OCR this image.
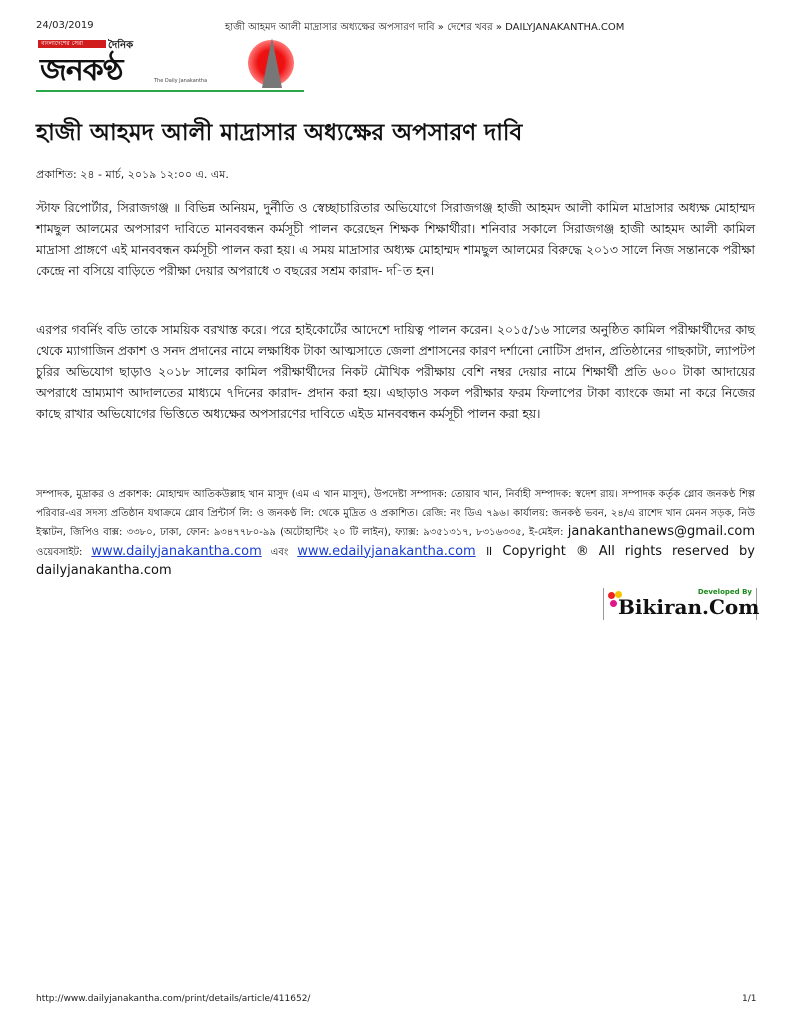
24/03/2019	হাজী আহমদ আলী মাদ্রাসার অধ্যক্ষের অপসারণ দাবি » দেশের খবর » DAILYJANAKANTHA.COM
বাংলাদেশের সেরা	দৈনিক
জনকণ্ঠ	The Daily Janakantha
হাজী আহমদ আলী মাদ্রাসার অধ্যক্ষের অপসারণ দাবি
প্রকাশিত: ২৪ - মার্চ, ২০১৯ ১২:০০ এ. এম.

স্টাফ রিপোর্টার, সিরাজগঞ্জ ॥ বিভিন্ন অনিয়ম, দুর্নীতি ও স্বেচ্ছাচারিতার অভিযোগে সিরাজগঞ্জ হাজী আহমদ আলী কামিল মাদ্রাসার অধ্যক্ষ মোহাম্মদ শামছুল আলমের অপসারণ দাবিতে মানববন্ধন কর্মসূচী পালন করেছেন শিক্ষক শিক্ষার্থীরা। শনিবার সকালে সিরাজগঞ্জ হাজী আহমদ আলী কামিল মাদ্রাসা প্রাঙ্গণে এই মানববন্ধন কর্মসূচী পালন করা হয়। এ সময় মাদ্রাসার অধ্যক্ষ মোহাম্মদ শামছুল আলমের বিরুদ্ধে ২০১৩ সালে নিজ সন্তানকে পরীক্ষা কেন্দ্রে না বসিয়ে বাড়িতে পরীক্ষা দেয়ার অপরাধে ৩ বছরের সশ্রম কারাদ- দ-িত হন।

এরপর গবর্নিং বডি তাকে সাময়িক বরখাস্ত করে। পরে হাইকোর্টের আদেশে দায়িত্ব পালন করেন। ২০১৫/১৬ সালের অনুষ্ঠিত কামিল পরীক্ষার্থীদের কাছ থেকে ম্যাগাজিন প্রকাশ ও সনদ প্রদানের নামে লক্ষাধিক টাকা আত্মসাতে জেলা প্রশাসনের কারণ দর্শানো নোটিস প্রদান, প্রতিষ্ঠানের গাছকাটা, ল্যাপটপ চুরির অভিযোগ ছাড়াও ২০১৮ সালের কামিল পরীক্ষার্থীদের নিকট মৌখিক পরীক্ষায় বেশি নম্বর দেয়ার নামে শিক্ষার্থী প্রতি ৬০০ টাকা আদায়ের অপরাধে ভ্রাম্যমাণ আদালতের মাধ্যমে ৭দিনের কারাদ- প্রদান করা হয়। এছাড়াও সকল পরীক্ষার ফরম ফিলাপের টাকা ব্যাংকে জমা না করে নিজের কাছে রাখার অভিযোগের ভিত্তিতে অধ্যক্ষের অপসারণের দাবিতে এইড মানববন্ধন কর্মসূচী পালন করা হয়।

সম্পাদক, মুদ্রাকর ও প্রকাশক: মোহাম্মদ আতিকউল্লাহ খান মাসুদ (এম এ খান মাসুদ), উপদেষ্টা সম্পাদক: তোয়াব খান, নির্বাহী সম্পাদক: স্বদেশ রায়। সম্পাদক কর্তৃক গ্লোব জনকণ্ঠ শিল্প পরিবার-এর সদস্য প্রতিষ্ঠান যথাক্রমে গ্লোব প্রিন্টার্স লি: ও জনকণ্ঠ লি: থেকে মুদ্রিত ও প্রকাশিত। রেজি: নং ডিএ ৭৯৬। কার্যালয়: জনকণ্ঠ ভবন, ২৪/এ রাশেদ খান মেনন সড়ক, নিউ ইস্কাটন, জিপিও বাক্স: ৩৩৮০, ঢাকা, ফোন: ৯৩৪৭৭৮০-৯৯ (অটোহান্টিং ২০ টি লাইন), ফ্যাক্স: ৯৩৫১৩১৭, ৮৩১৬৩৩৫, ই-মেইল: janakanthanews@gmail.com ওয়েবসাইট: www.dailyjanakantha.com এবং www.edailyjanakantha.com ॥ Copyright ® All rights reserved by dailyjanakantha.com
Developed By
Bikiran.Com
http://www.dailyjanakantha.com/print/details/article/411652/	1/1
